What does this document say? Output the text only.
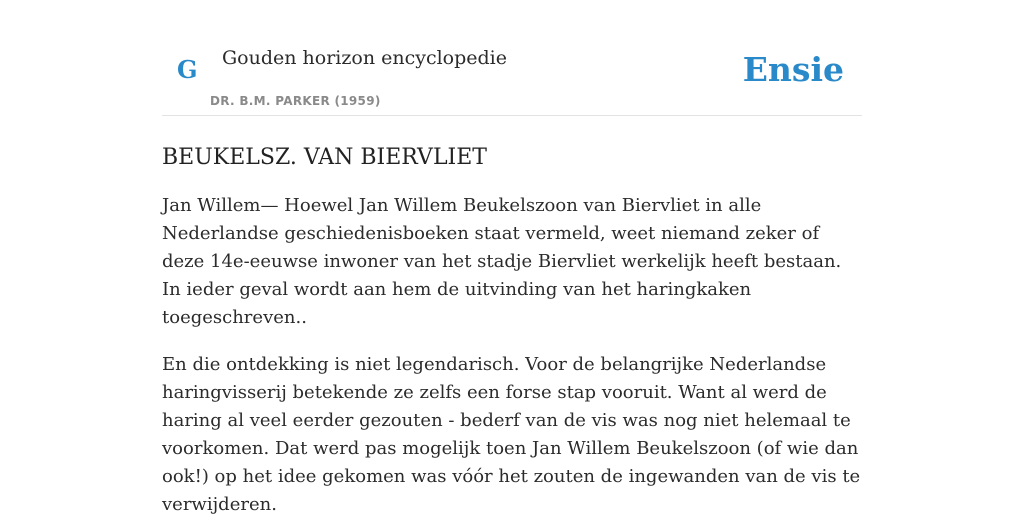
G Gouden horizon encyclopedie
DR. B.M. PARKER (1959)
Ensie
BEUKELSZ. VAN BIERVLIET

Jan Willem— Hoewel Jan Willem Beukelszoon van Biervliet in alle Nederlandse geschiedenisboeken staat vermeld, weet niemand zeker of deze 14e-eeuwse inwoner van het stadje Biervliet werkelijk heeft bestaan. In ieder geval wordt aan hem de uitvinding van het haringkaken toegeschreven..

En die ontdekking is niet legendarisch. Voor de belangrijke Nederlandse haringvisserij betekende ze zelfs een forse stap vooruit. Want al werd de haring al veel eerder gezouten - bederf van de vis was nog niet helemaal te voorkomen. Dat werd pas mogelijk toen Jan Willem Beukelszoon (of wie dan ook!) op het idee gekomen was vóór het zouten de ingewanden van de vis te verwijderen.
